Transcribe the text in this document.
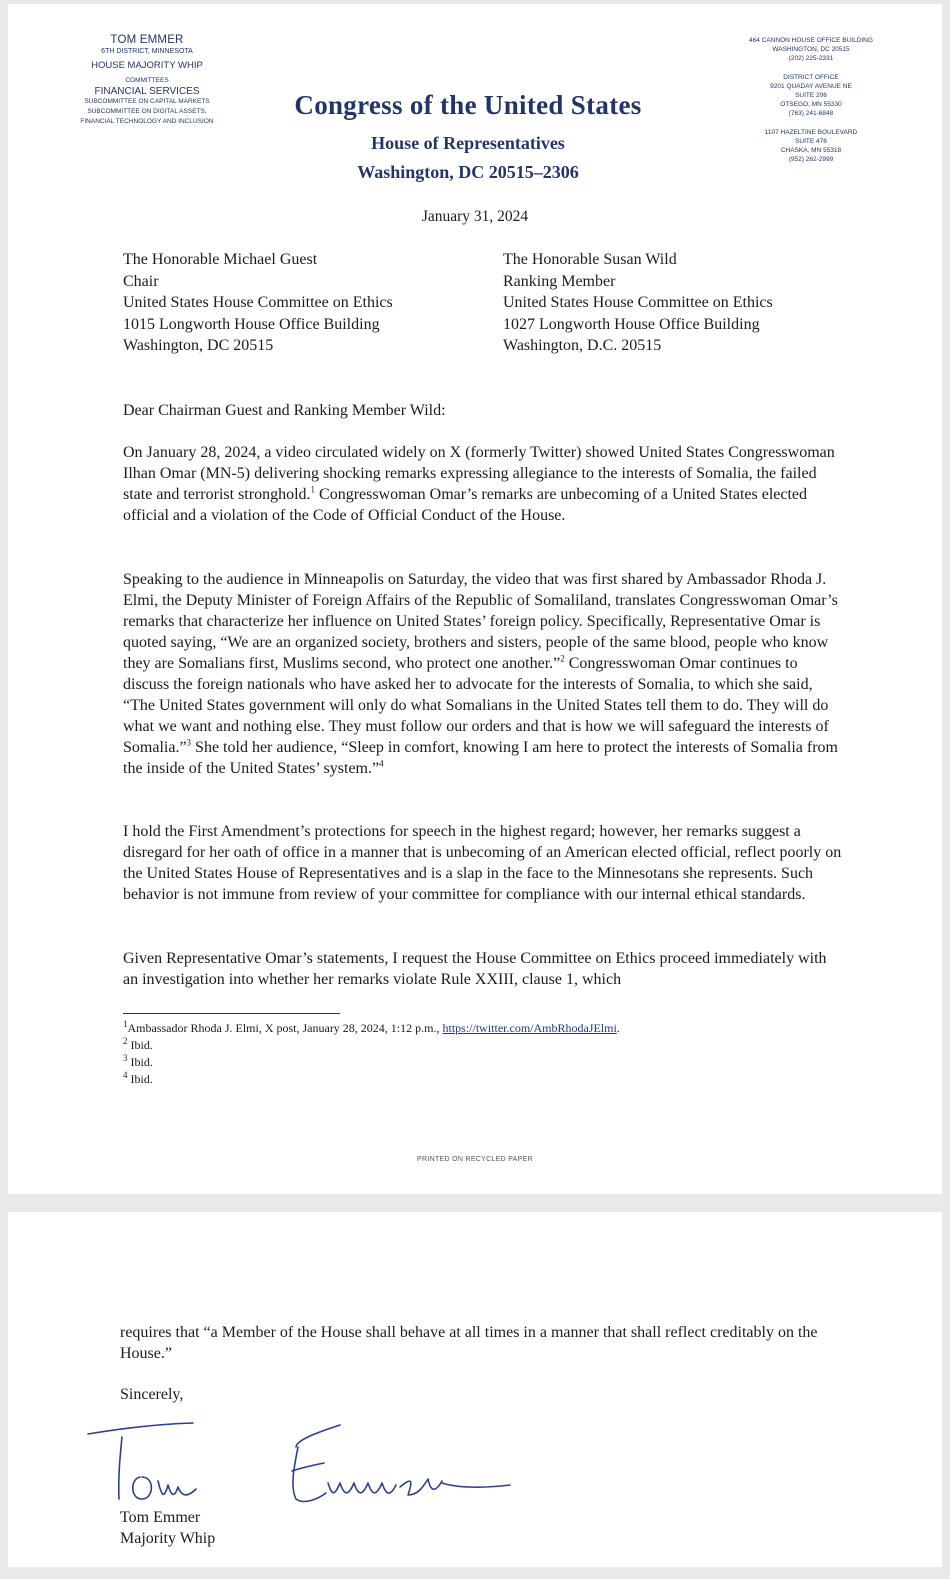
TOM EMMER
6TH DISTRICT, MINNESOTA
HOUSE MAJORITY WHIP
COMMITTEES
FINANCIAL SERVICES
SUBCOMMITTEE ON CAPITAL MARKETS
SUBCOMMITTEE ON DIGITAL ASSETS,
FINANCIAL TECHNOLOGY AND INCLUSION
Congress of the United States
House of Representatives
Washington, DC 20515–2306
464 CANNON HOUSE OFFICE BUILDING
WASHINGTON, DC 20515
(202) 225-2331
DISTRICT OFFICE
9201 QUADAY AVENUE NE
SUITE 206
OTSEGO, MN 55330
(763) 241-6848
1107 HAZELTINE BOULEVARD
SUITE 476
CHASKA, MN 55318
(952) 262-2999
January 31, 2024
The Honorable Michael Guest
Chair
United States House Committee on Ethics
1015 Longworth House Office Building
Washington, DC 20515
The Honorable Susan Wild
Ranking Member
United States House Committee on Ethics
1027 Longworth House Office Building
Washington, D.C. 20515
Dear Chairman Guest and Ranking Member Wild:

On January 28, 2024, a video circulated widely on X (formerly Twitter) showed United States Congresswoman Ilhan Omar (MN-5) delivering shocking remarks expressing allegiance to the interests of Somalia, the failed state and terrorist stronghold.$^1$ Congresswoman Omar’s remarks are unbecoming of a United States elected official and a violation of the Code of Official Conduct of the House.

Speaking to the audience in Minneapolis on Saturday, the video that was first shared by Ambassador Rhoda J. Elmi, the Deputy Minister of Foreign Affairs of the Republic of Somaliland, translates Congresswoman Omar’s remarks that characterize her influence on United States’ foreign policy. Specifically, Representative Omar is quoted saying, “We are an organized society, brothers and sisters, people of the same blood, people who know they are Somalians first, Muslims second, who protect one another.”$^2$ Congresswoman Omar continues to discuss the foreign nationals who have asked her to advocate for the interests of Somalia, to which she said, “The United States government will only do what Somalians in the United States tell them to do. They will do what we want and nothing else. They must follow our orders and that is how we will safeguard the interests of Somalia.”$^3$ She told her audience, “Sleep in comfort, knowing I am here to protect the interests of Somalia from the inside of the United States’ system.”$^4$

I hold the First Amendment’s protections for speech in the highest regard; however, her remarks suggest a disregard for her oath of office in a manner that is unbecoming of an American elected official, reflect poorly on the United States House of Representatives and is a slap in the face to the Minnesotans she represents. Such behavior is not immune from review of your committee for compliance with our internal ethical standards.

Given Representative Omar’s statements, I request the House Committee on Ethics proceed immediately with an investigation into whether her remarks violate Rule XXIII, clause 1, which

$^1$Ambassador Rhoda J. Elmi, X post, January 28, 2024, 1:12 p.m., https://twitter.com/AmbRhodaJElmi.
$^2$ Ibid.
$^3$ Ibid.
$^4$ Ibid.
PRINTED ON RECYCLED PAPER
requires that “a Member of the House shall behave at all times in a manner that shall reflect creditably on the House.”
Sincerely,
Tom Emmer
Majority Whip
